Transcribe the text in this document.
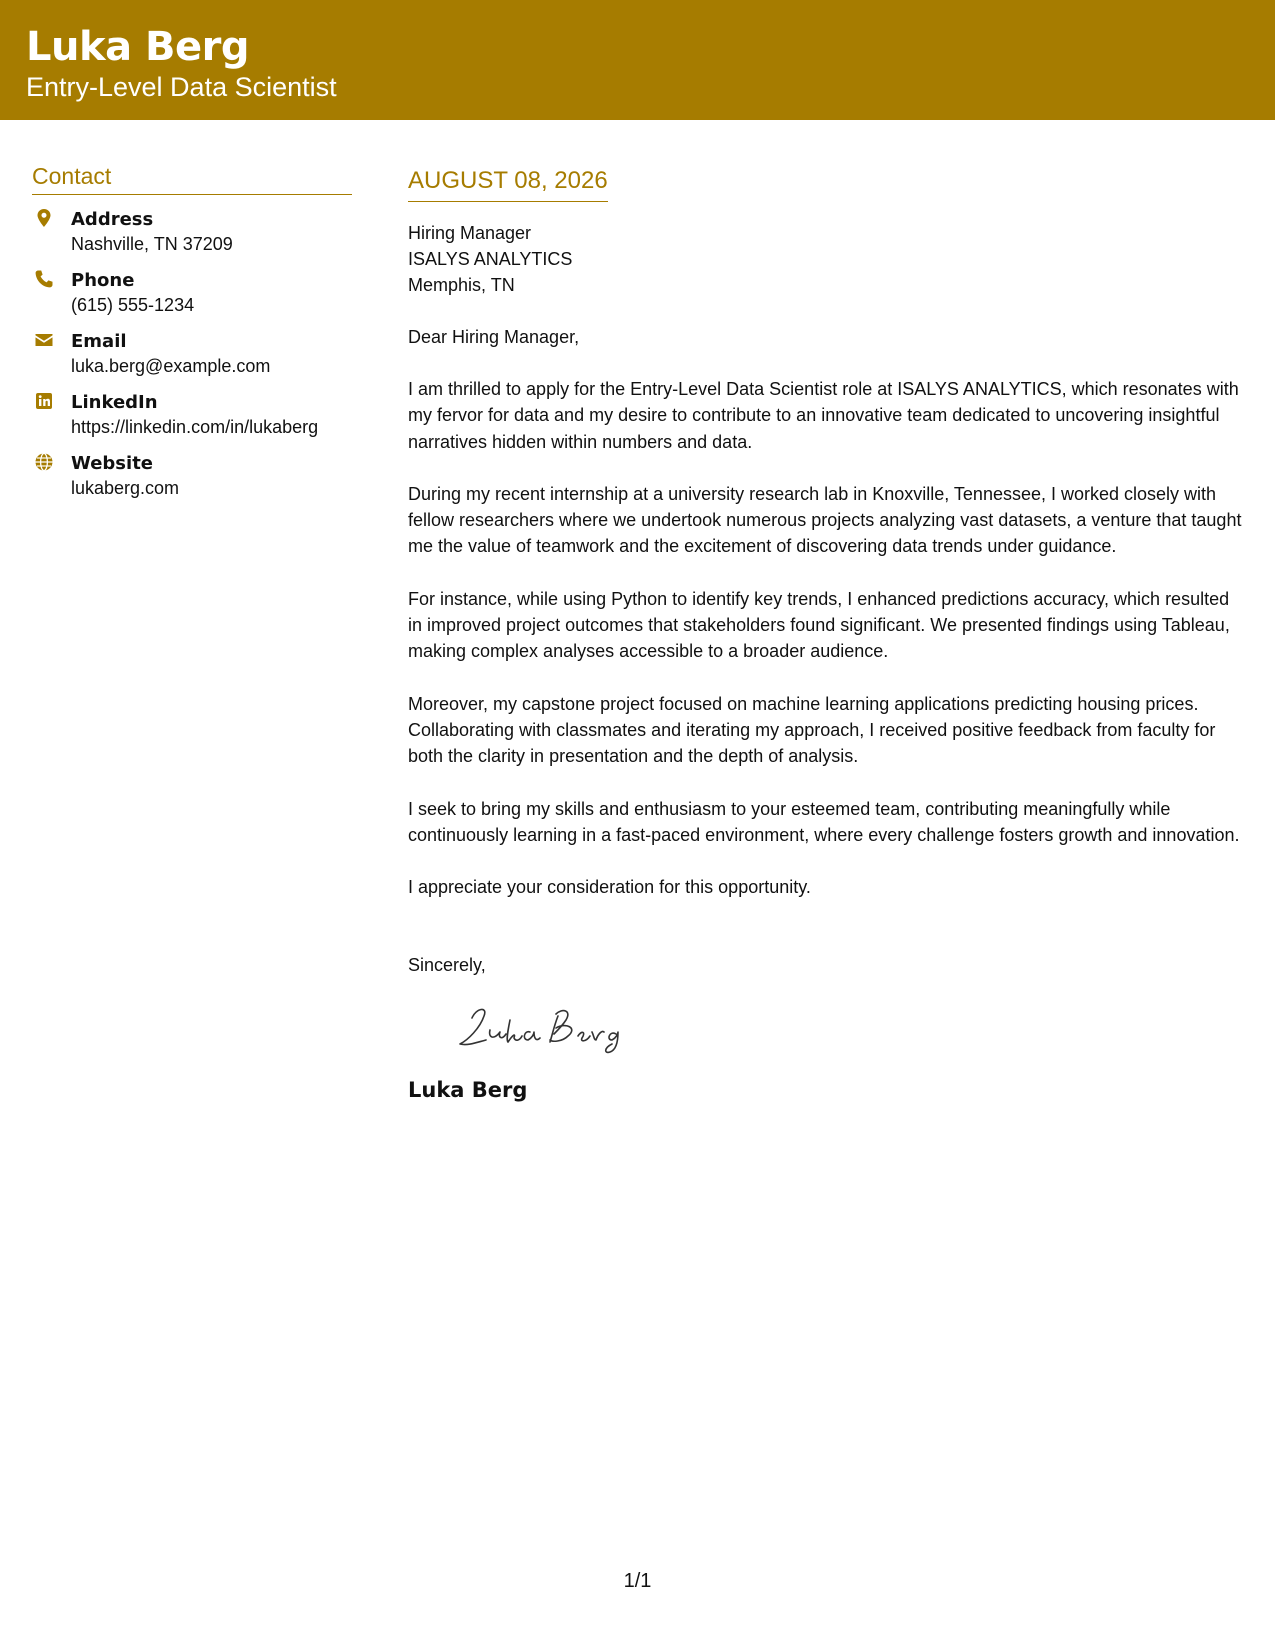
Luka Berg
Entry-Level Data Scientist
Contact
Address
Nashville, TN 37209
Phone
(615) 555-1234
Email
luka.berg@example.com
LinkedIn
https://linkedin.com/in/lukaberg
Website
lukaberg.com
AUGUST 08, 2026
Hiring Manager
ISALYS ANALYTICS
Memphis, TN
Dear Hiring Manager,

I am thrilled to apply for the Entry-Level Data Scientist role at ISALYS ANALYTICS, which resonates with my fervor for data and my desire to contribute to an innovative team dedicated to uncovering insightful narratives hidden within numbers and data.

During my recent internship at a university research lab in Knoxville, Tennessee, I worked closely with fellow researchers where we undertook numerous projects analyzing vast datasets, a venture that taught me the value of teamwork and the excitement of discovering data trends under guidance.

For instance, while using Python to identify key trends, I enhanced predictions accuracy, which resulted in improved project outcomes that stakeholders found significant. We presented findings using Tableau, making complex analyses accessible to a broader audience.

Moreover, my capstone project focused on machine learning applications predicting housing prices. Collaborating with classmates and iterating my approach, I received positive feedback from faculty for both the clarity in presentation and the depth of analysis.

I seek to bring my skills and enthusiasm to your esteemed team, contributing meaningfully while continuously learning in a fast-paced environment, where every challenge fosters growth and innovation.

I appreciate your consideration for this opportunity.

Sincerely,
Luka Berg
1/1
